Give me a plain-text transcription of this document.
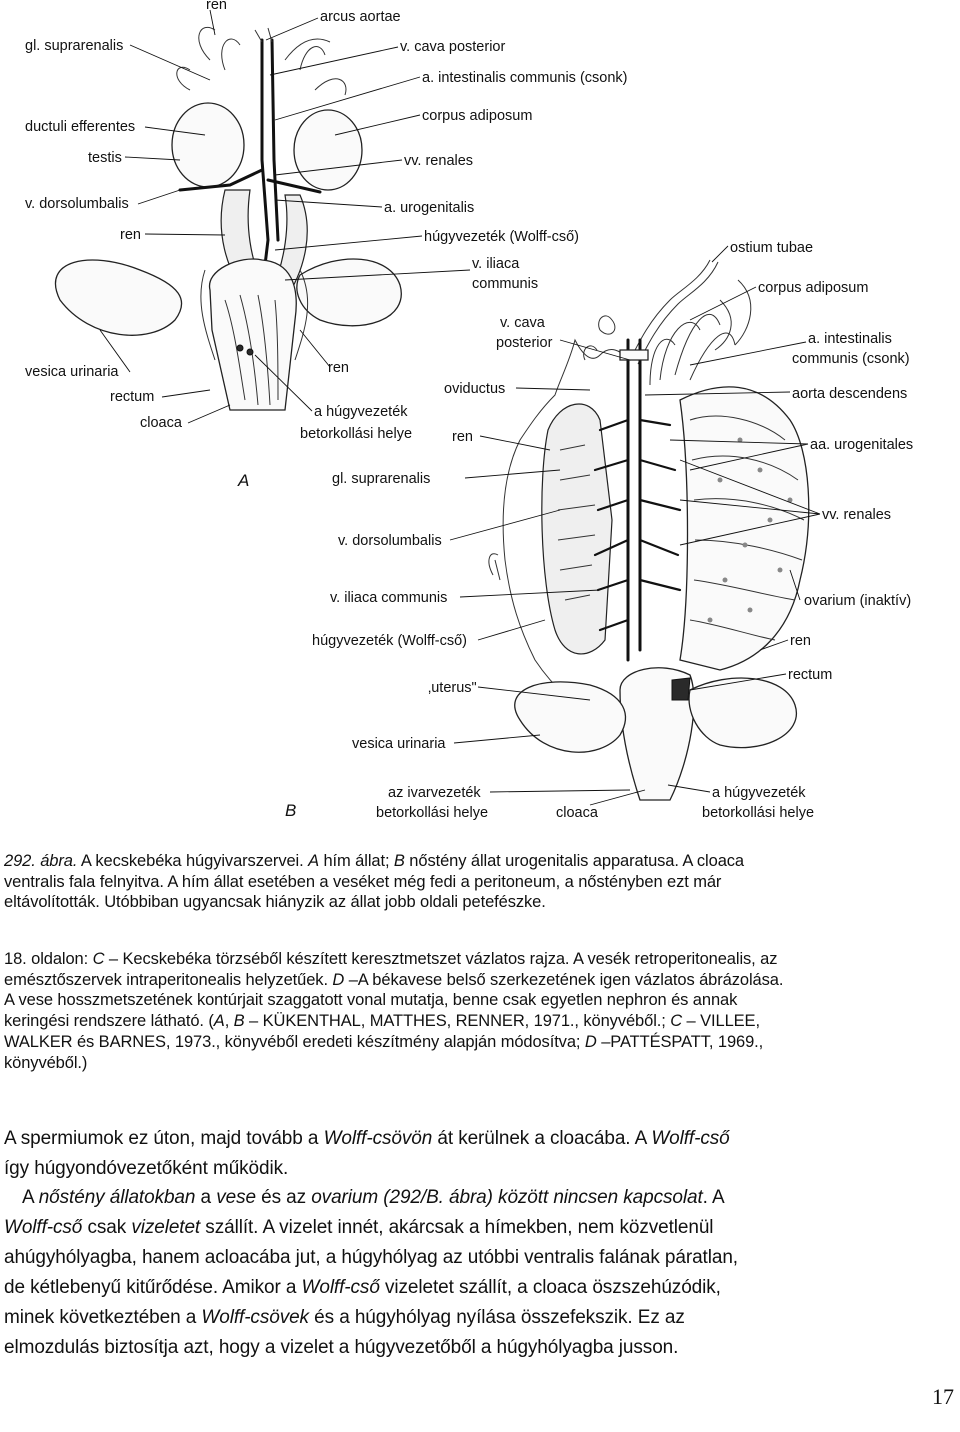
ren
arcus aortae
gl. suprarenalis	v. cava posterior
a. intestinalis communis (csonk)
corpus adiposum
ductuli efferentes
testis	vv. renales
v. dorsolumbalis	a. urogenitalis
ren	húgyvezeték (Wolff-cső)
v. iliaca
communis
vesica urinaria
rectum
cloaca
ren
a húgyvezeték
betorkollási helye
A
ostium tubae
corpus adiposum
v. cava
posterior	a. intestinalis
communis (csonk)
oviductus	aorta descendens
ren	aa. urogenitales
gl. suprarenalis
vv. renales
v. dorsolumbalis
ovarium (inaktív)
v. iliaca communis
húgyvezeték (Wolff-cső)	ren
rectum
‚uterus"
vesica urinaria
az ivarvezeték
betorkollási helye	cloaca
a húgyvezeték
betorkollási helye
B
292. ábra. A kecskebéka húgyivarszervei. A hím állat; B nőstény állat urogenitalis apparatusa. A cloaca
ventralis fala felnyitva. A hím állat esetében a veséket még fedi a peritoneum, a nőstényben ezt már
eltávolították. Utóbbiban ugyancsak hiányzik az állat jobb oldali petefészke.
18. oldalon: C – Kecskebéka törzséből készített keresztmetszet vázlatos rajza. A vesék retroperitonealis, az
emésztőszervek intraperitonealis helyzetűek. D –A békavese belső szerkezetének igen vázlatos ábrázolása.
A vese hosszmetszetének kontúrjait szaggatott vonal mutatja, benne csak egyetlen nephron és annak
keringési rendszere látható. (A, B – KÜKENTHAL, MATTHES, RENNER, 1971., könyvéből.; C – VILLEE,
WALKER és BARNES, 1973., könyvéből eredeti készítmény alapján módosítva; D –PATTÉSPATT, 1969.,
könyvéből.)
A spermiumok ez úton, majd tovább a Wolff-csövön át kerülnek a cloacába. A Wolff-cső
így húgyondóvezetőként működik.
A nőstény állatokban a vese és az ovarium (292/B. ábra) között nincsen kapcsolat. A
Wolff-cső csak vizeletet szállít. A vizelet innét, akárcsak a hímekben, nem közvetlenül
ahúgyhólyagba, hanem acloacába jut, a húgyhólyag az utóbbi ventralis falának páratlan,
de kétlebenyű kitűrődése. Amikor a Wolff-cső vizeletet szállít, a cloaca öszszehúzódik,
minek következtében a Wolff-csövek és a húgyhólyag nyílása összefekszik. Ez az
elmozdulás biztosítja azt, hogy a vizelet a húgyvezetőből a húgyhólyagba jusson.
17
